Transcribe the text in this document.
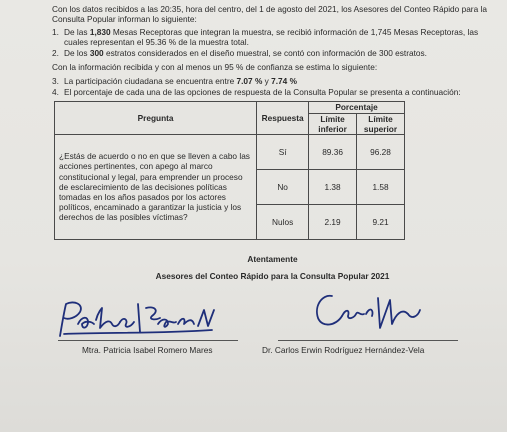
Con los datos recibidos a las 20:35, hora del centro, del 1 de agosto del 2021, los Asesores del Conteo Rápido para la Consulta Popular informan lo siguiente:

1. De las 1,830 Mesas Receptoras que integran la muestra, se recibió información de 1,745 Mesas Receptoras, las cuales representan el 95.36 % de la muestra total.
2. De los 300 estratos considerados en el diseño muestral, se contó con información de 300 estratos.

Con la información recibida y con al menos un 95 % de confianza se estima lo siguiente:

3. La participación ciudadana se encuentra entre 7.07 % y 7.74 %
4. El porcentaje de cada una de las opciones de respuesta de la Consulta Popular se presenta a continuación:
Pregunta	Respuesta	Porcentaje	
		Límite inferior	Límite superior
¿Estás de acuerdo o no en que se lleven a cabo las acciones pertinentes, con apego al marco constitucional y legal, para emprender un proceso de esclarecimiento de las decisiones políticas tomadas en los años pasados por los actores políticos, encaminado a garantizar la justicia y los derechos de las posibles víctimas?	Sí	89.36	96.28
	No	1.38	1.58
	Nulos	2.19	9.21

Atentamente

Asesores del Conteo Rápido para la Consulta Popular 2021

Mtra. Patricia Isabel Romero Mares	Dr. Carlos Erwin Rodríguez Hernández-Vela
